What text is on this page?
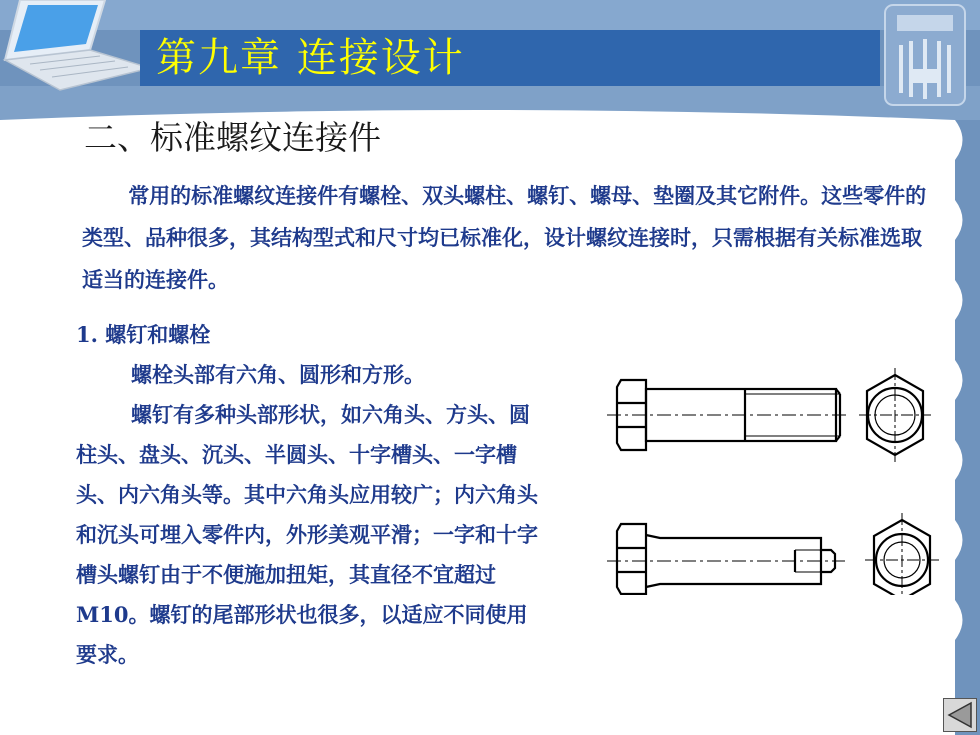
第九章 连接设计
二、标准螺纹连接件

常用的标准螺纹连接件有螺栓、双头螺柱、螺钉、螺母、垫圈及其它附件。这些零件的类型、品种很多，其结构型式和尺寸均已标准化，设计螺纹连接时，只需根据有关标准选取适当的连接件。

1. 螺钉和螺栓

螺栓头部有六角、圆形和方形。

螺钉有多种头部形状，如六角头、方头、圆柱头、盘头、沉头、半圆头、十字槽头、一字槽头、内六角头等。其中六角头应用较广；内六角头和沉头可埋入零件内，外形美观平滑；一字和十字槽头螺钉由于不便施加扭矩，其直径不宜超过M10。螺钉的尾部形状也很多，以适应不同使用要求。
